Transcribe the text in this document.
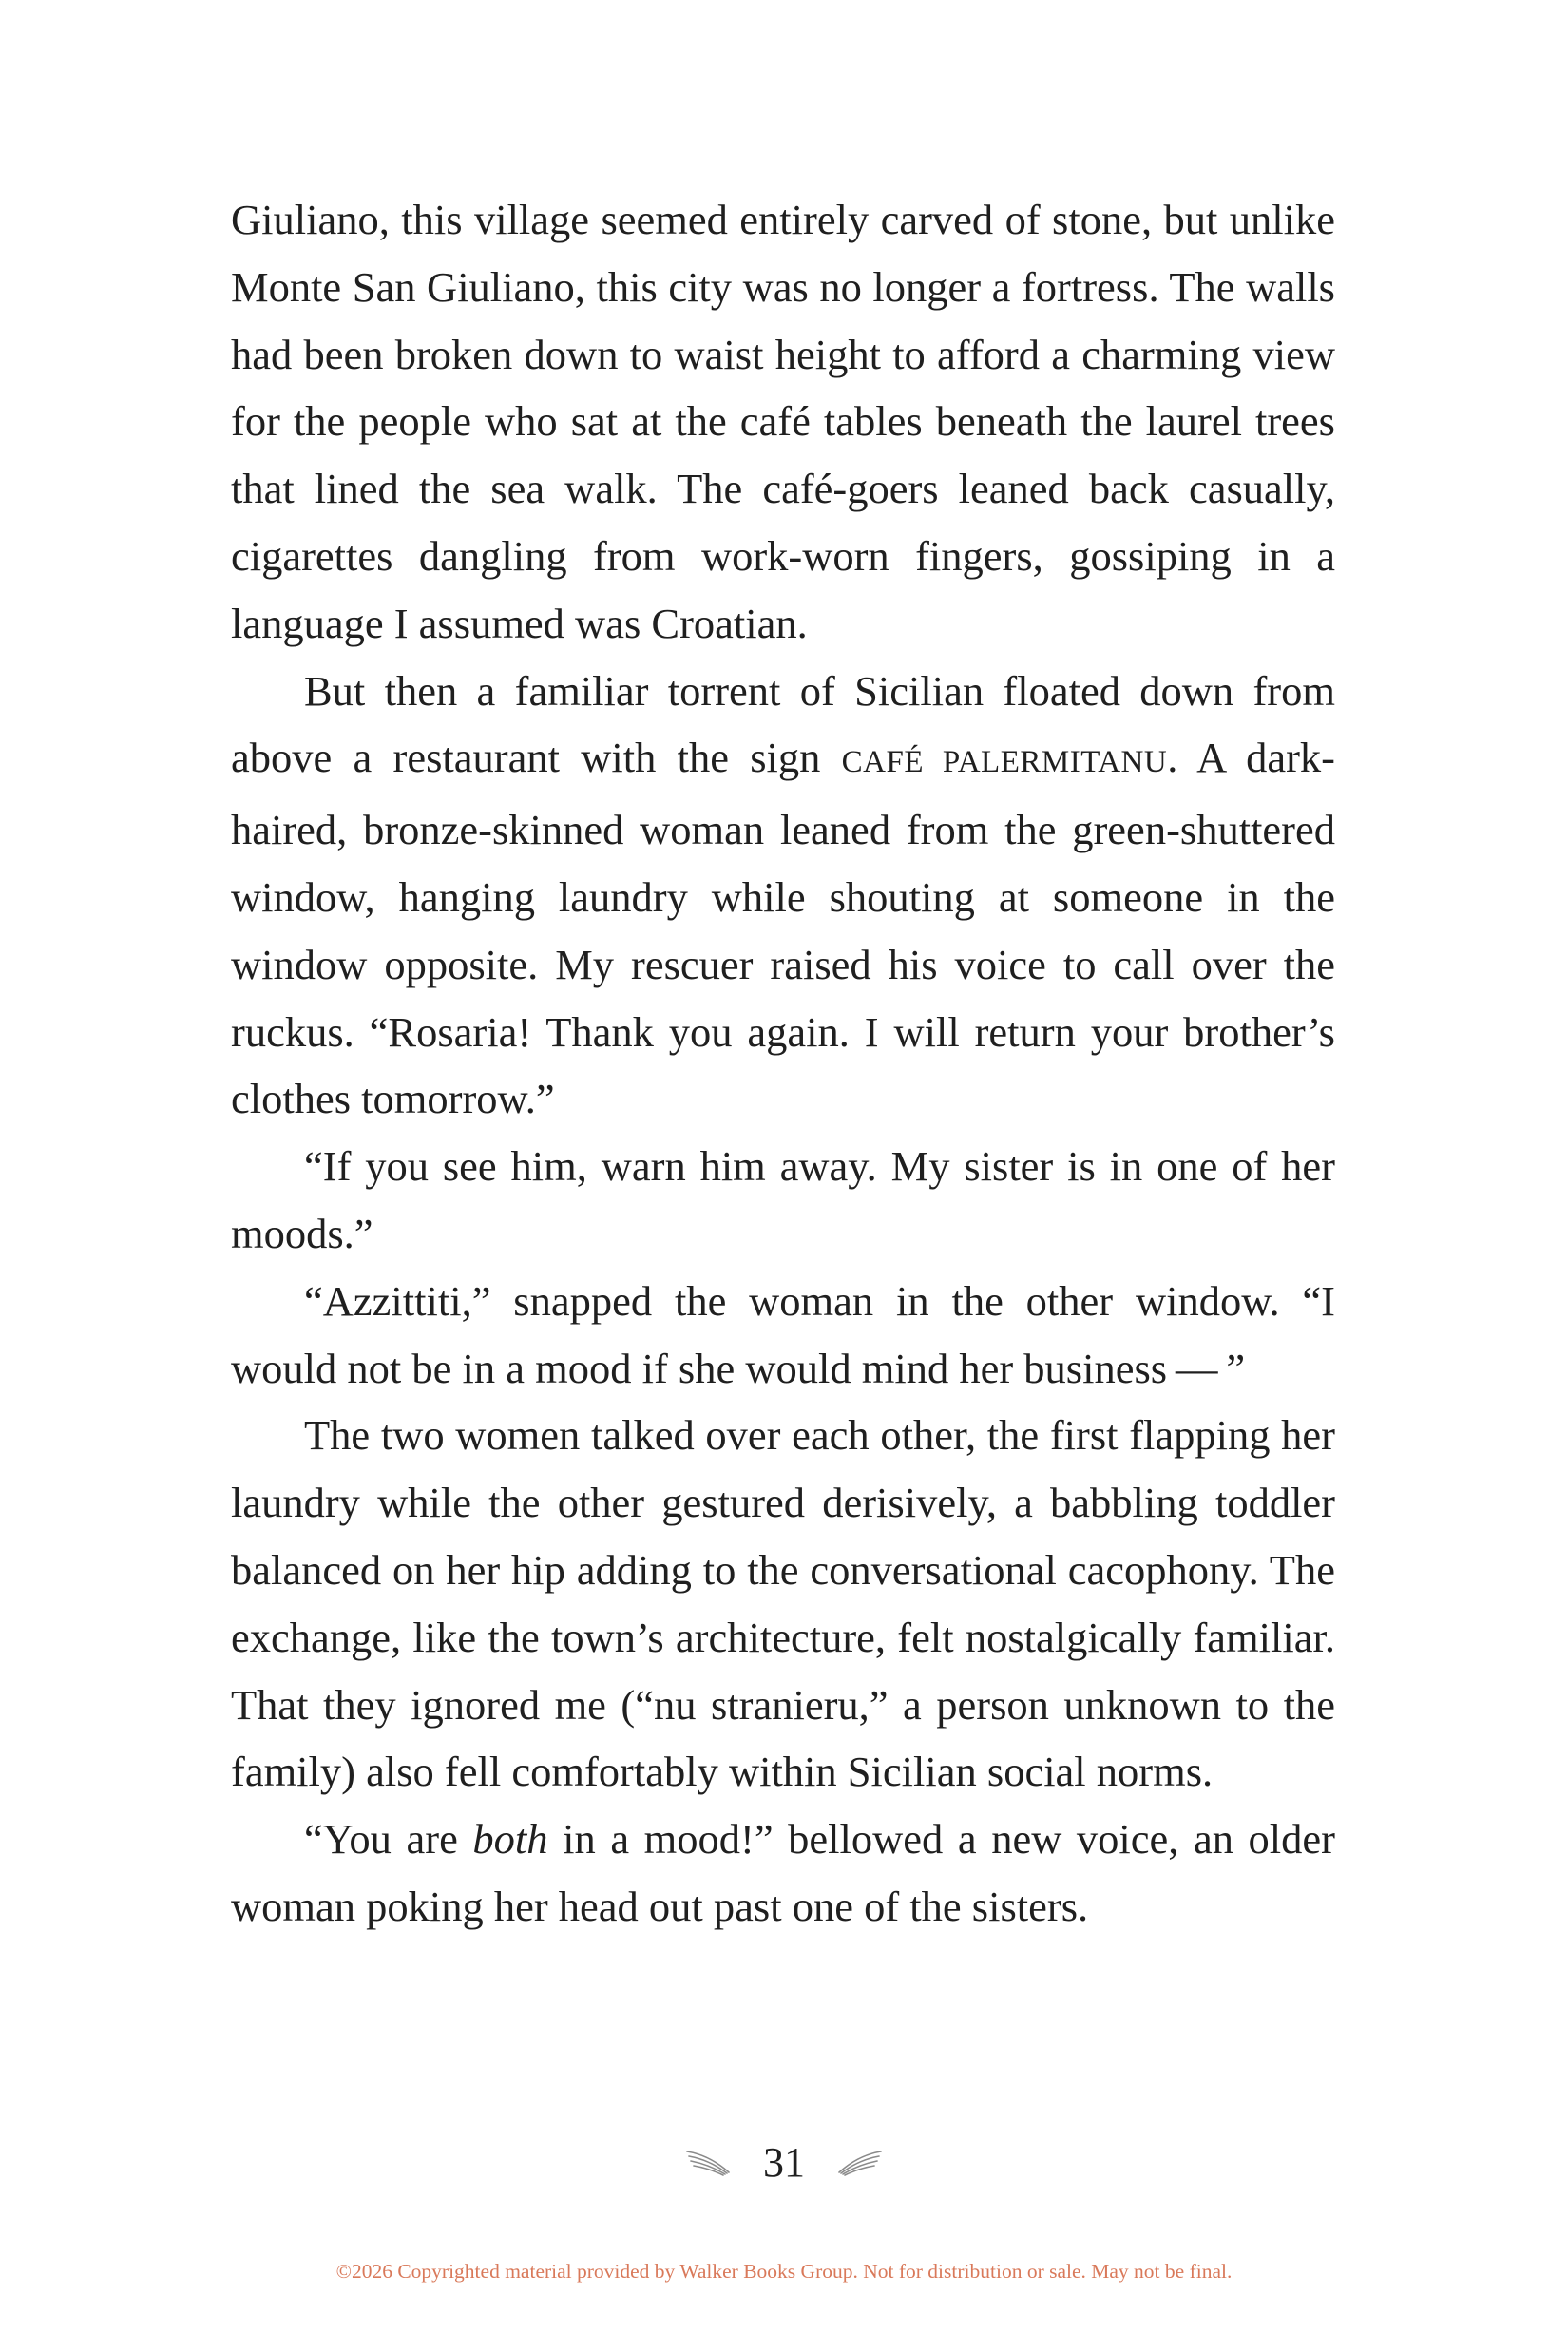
Giuliano, this village seemed entirely carved of stone, but unlike Monte San Giuliano, this city was no longer a fortress. The walls had been broken down to waist height to afford a charming view for the people who sat at the café tables beneath the laurel trees that lined the sea walk. The café-goers leaned back casually, cigarettes dangling from work-worn fingers, gossiping in a language I assumed was Croatian.

But then a familiar torrent of Sicilian floated down from above a restaurant with the sign CAFÉ PALERMITANU. A dark-haired, bronze-skinned woman leaned from the green-shuttered window, hanging laundry while shouting at someone in the window opposite. My rescuer raised his voice to call over the ruckus. “Rosaria! Thank you again. I will return your brother’s clothes tomorrow.”

“If you see him, warn him away. My sister is in one of her moods.”

“Azzittiti,” snapped the woman in the other window. “I would not be in a mood if she would mind her business — ”

The two women talked over each other, the first flapping her laundry while the other gestured derisively, a babbling toddler balanced on her hip adding to the conversational cacophony. The exchange, like the town’s architecture, felt nostalgically familiar. That they ignored me (“nu stranieru,” a person unknown to the family) also fell comfortably within Sicilian social norms.

“You are both in a mood!” bellowed a new voice, an older woman poking her head out past one of the sisters.

31
©2026 Copyrighted material provided by Walker Books Group. Not for distribution or sale. May not be final.
